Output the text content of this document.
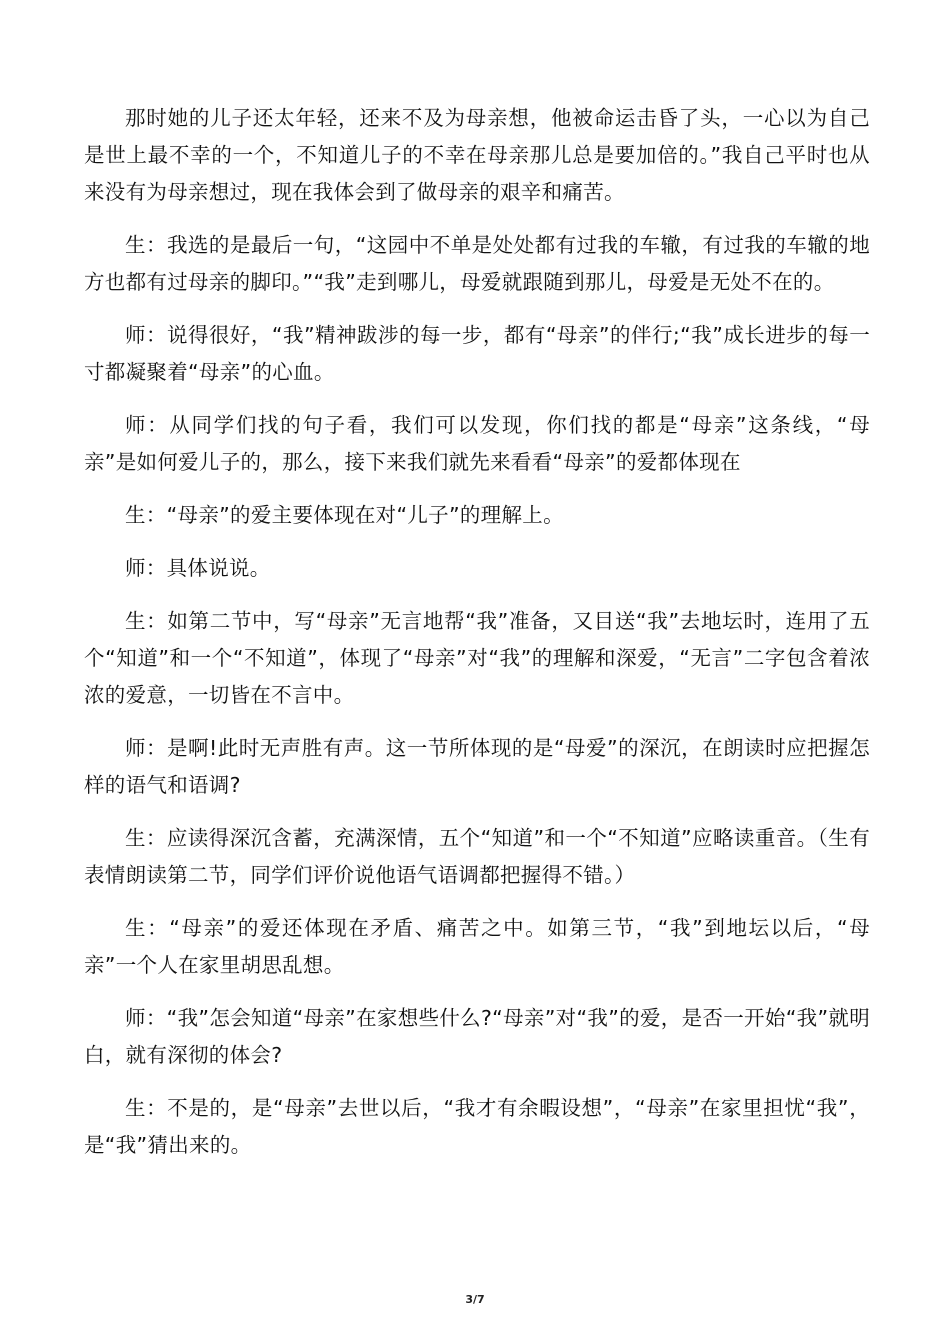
那时她的儿子还太年轻，还来不及为母亲想，他被命运击昏了头，一心以为自己是世上最不幸的一个，不知道儿子的不幸在母亲那儿总是要加倍的。”我自己平时也从来没有为母亲想过，现在我体会到了做母亲的艰辛和痛苦。

生：我选的是最后一句，“这园中不单是处处都有过我的车辙，有过我的车辙的地方也都有过母亲的脚印。”“我”走到哪儿，母爱就跟随到那儿，母爱是无处不在的。

师：说得很好，“我”精神跋涉的每一步，都有“母亲”的伴行;“我”成长进步的每一寸都凝聚着“母亲”的心血。

师：从同学们找的句子看，我们可以发现，你们找的都是“母亲”这条线，“母亲”是如何爱儿子的，那么，接下来我们就先来看看“母亲”的爱都体现在

生：“母亲”的爱主要体现在对“儿子”的理解上。

师：具体说说。

生：如第二节中，写“母亲”无言地帮“我”准备，又目送“我”去地坛时，连用了五个“知道”和一个“不知道”，体现了“母亲”对“我”的理解和深爱，“无言”二字包含着浓浓的爱意，一切皆在不言中。

师：是啊!此时无声胜有声。这一节所体现的是“母爱”的深沉，在朗读时应把握怎样的语气和语调?

生：应读得深沉含蓄，充满深情，五个“知道”和一个“不知道”应略读重音。（生有表情朗读第二节，同学们评价说他语气语调都把握得不错。）

生：“母亲”的爱还体现在矛盾、痛苦之中。如第三节，“我”到地坛以后，“母亲”一个人在家里胡思乱想。

师：“我”怎会知道“母亲”在家想些什么?“母亲”对“我”的爱，是否一开始“我”就明白，就有深彻的体会?

生：不是的，是“母亲”去世以后，“我才有余暇设想”，“母亲”在家里担忧“我”，是“我”猜出来的。

3/7
